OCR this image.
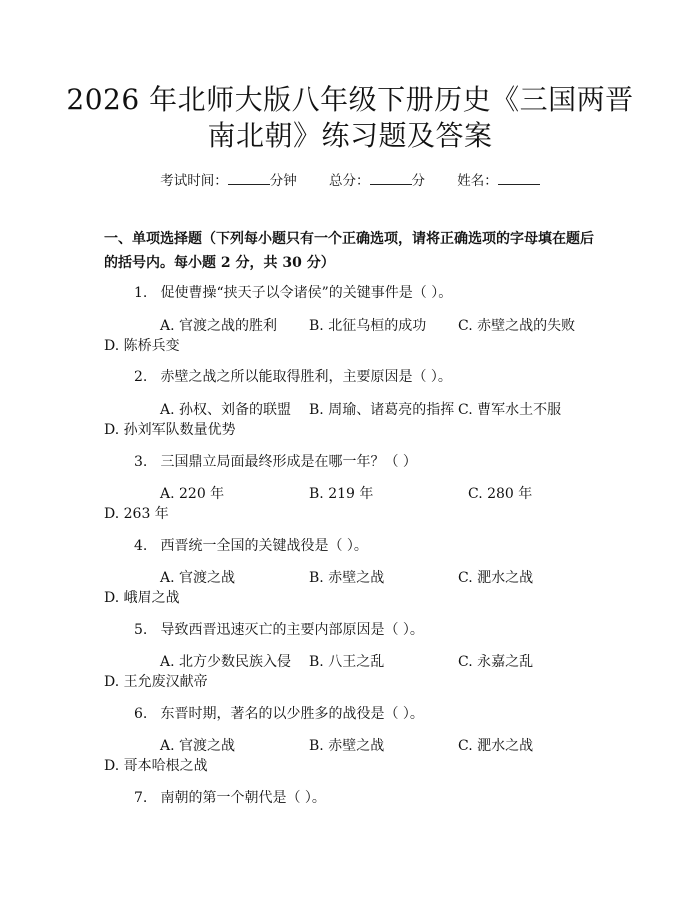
2026 年北师大版八年级下册历史《三国两晋
南北朝》练习题及答案
考试时间：	分钟 总分：	分 姓名：
一、单项选择题（下列每小题只有一个正确选项，请将正确选项的字母填在题后的括号内。每小题 2 分，共 30 分）
1. 促使曹操“挟天子以令诸侯”的关键事件是（ ）。
A. 官渡之战的胜利 B. 北征乌桓的成功 C. 赤壁之战的失败
D. 陈桥兵变
2. 赤壁之战之所以能取得胜利，主要原因是（ ）。
A. 孙权、刘备的联盟 B. 周瑜、诸葛亮的指挥 C. 曹军水土不服
D. 孙刘军队数量优势
3. 三国鼎立局面最终形成是在哪一年？（ ）
A. 220 年	B. 219 年	C. 280 年
D. 263 年
4. 西晋统一全国的关键战役是（ ）。
A. 官渡之战	B. 赤壁之战	C. 淝水之战
D. 峨眉之战
5. 导致西晋迅速灭亡的主要内部原因是（ ）。
A. 北方少数民族入侵 B. 八王之乱	C. 永嘉之乱
D. 王允废汉献帝
6. 东晋时期，著名的以少胜多的战役是（ ）。
A. 官渡之战	B. 赤壁之战	C. 淝水之战
D. 哥本哈根之战
7. 南朝的第一个朝代是（ ）。
